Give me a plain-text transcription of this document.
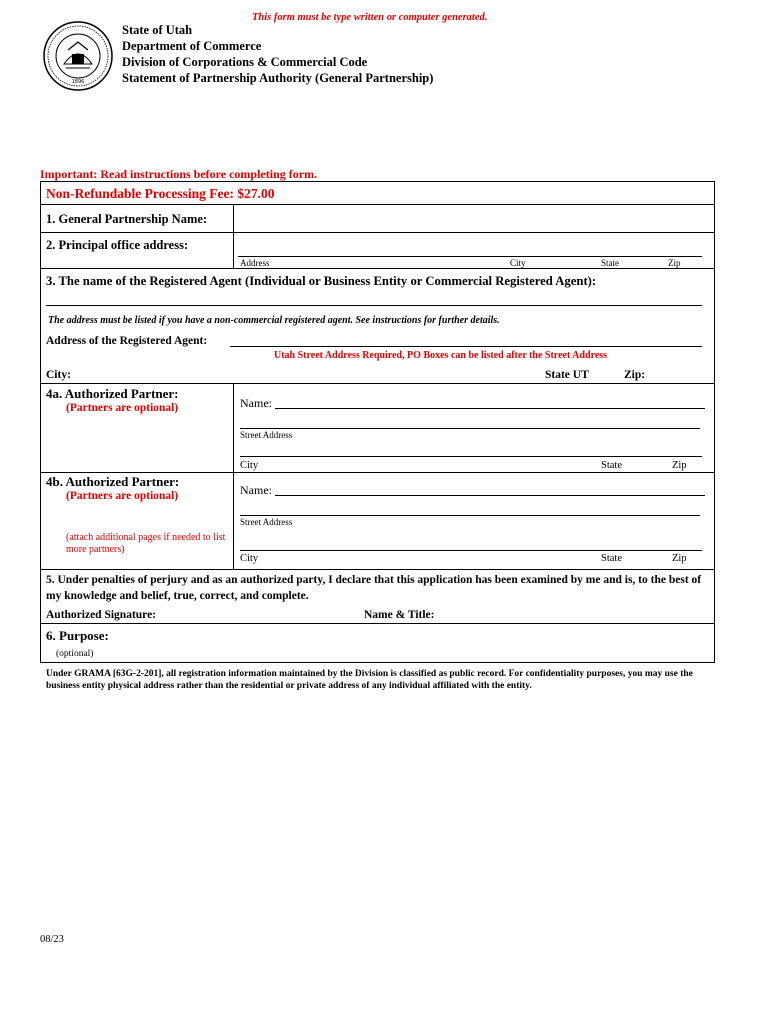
This form must be type written or computer generated.
1896
State of Utah
Department of Commerce
Division of Corporations & Commercial Code
Statement of Partnership Authority (General Partnership)
Important: Read instructions before completing form.
Non-Refundable Processing Fee: $27.00
1. General Partnership Name:
2. Principal office address:
Address	City	State	Zip
3. The name of the Registered Agent (Individual or Business Entity or Commercial Registered Agent):
The address must be listed if you have a non-commercial registered agent. See instructions for further details.
Address of the Registered Agent:
Utah Street Address Required, PO Boxes can be listed after the Street Address
City:	State UT	Zip:
4a. Authorized Partner:
(Partners are optional)	Name:
Street Address
City	State	Zip
4b. Authorized Partner:
(Partners are optional)
(attach additional pages if needed to list more partners)
Name:
Street Address
City	State	Zip
5. Under penalties of perjury and as an authorized party, I declare that this application has been examined by me and is, to the best of my knowledge and belief, true, correct, and complete.
Authorized Signature:	Name & Title:
6. Purpose:
(optional)
Under GRAMA [63G-2-201], all registration information maintained by the Division is classified as public record. For confidentiality purposes, you may use the business entity physical address rather than the residential or private address of any individual affiliated with the entity.
08/23
